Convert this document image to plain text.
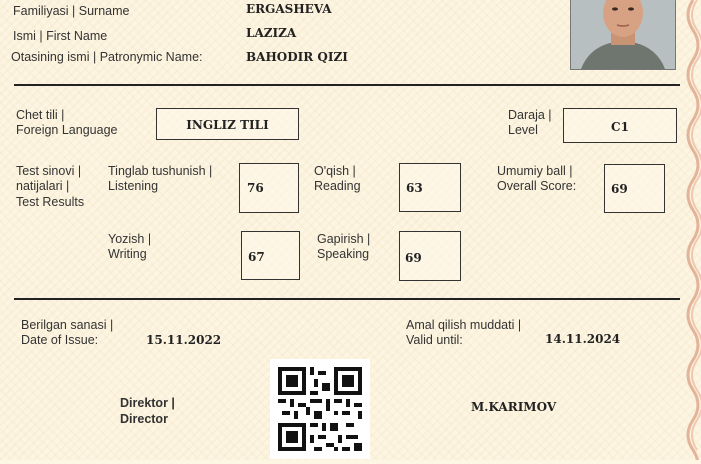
Familiyasi | Surname	ERGASHEVA
Ismi | First Name	LAZIZA
Otasining ismi | Patronymic Name:	BAHODIR QIZI
Chet tili |
Foreign Language	INGLIZ TILI
Daraja |
Level	C1
Test sinovi |
natijalari |
Test Results
Tinglab tushunish |
Listening	76
O'qish |
Reading	63
Umumiy ball |
Overall Score:	69
Yozish |
Writing	67
Gapirish |
Speaking	69
Berilgan sanasi |
Date of Issue:	15.11.2022
Amal qilish muddati |
Valid until:	14.11.2024
Direktor |
Director
M.KARIMOV
